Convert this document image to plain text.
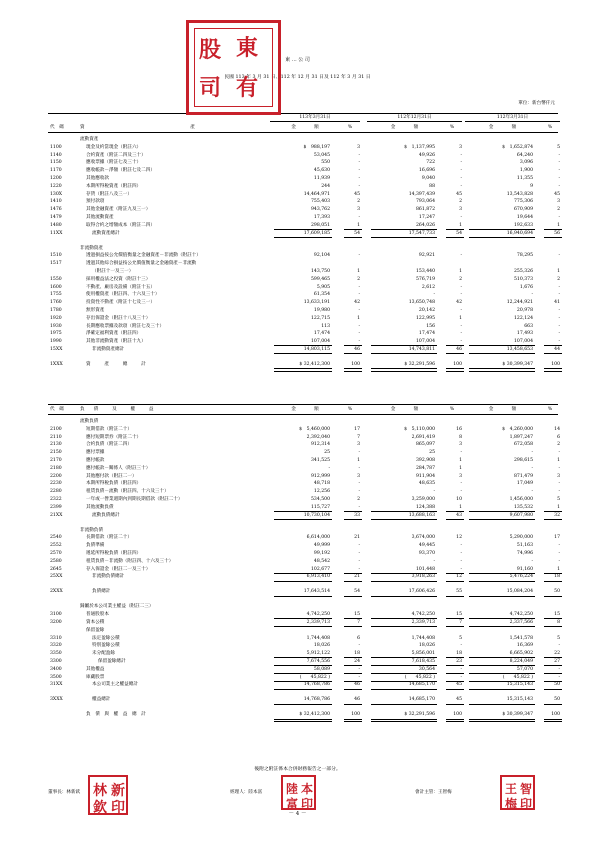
東 … 公 司
民國 113 年 3 月 31 日、112 年 12 月 31 日及 112 年 3 月 31 日
單位：新台幣仟元
113年3月31日	112年12月31日	112年3月31日
代　碼	資　　　　　　　　　　　　　　　　　　　　　　　產	金　　　　額	%	金　　　　額	%	金　　　　額	%
代　碼	負　　債　　　及　　　權　　　益	金　　　　額	%	金　　　　額	%	金　　　　額	%
後附之附註係本合併財務報告之一部分。
董事長：林新欽	經理人：陸本富	會計主管：王智梅
－ 4 －
股 東
司 有
林 新
欽 印
陸 本
富 印
王 智
梅 印
流動資產
1100	現金及約當現金（附註六）	$　988,197	3	$　1,137,995	3	$　1,652,874	5
1140	合約資產（附註二四及三十）	53,045	-	49,926	-	64,240	-
1150	應收票據（附註七及三十）	550	-	722	-	3,096	-
1170	應收帳款－淨額（附註七及二四）	45,630	-	16,696	-	1,900	-
1200	其他應收款	11,939	-	9,040	-	11,355	-
1220	本期所得稅資產（附註四）	244	-	88	-	9	-
130X	存貨（附註八及三一）	14,464,971	45	14,397,439	45	13,543,828	45
1410	預付款項	755,403	2	793,064	2	775,306	3
1476	其他金融資產（附註九及三一）	943,762	3	861,872	3	670,909	2
1479	其他流動資產	17,393	-	17,247	-	19,644	-
1480	取得合約之增額成本（附註二四）	298,051	1	264,026	1	192,633	1
11XX	流動資產總計	17,609,185	54	17,547,733	54	16,940,694	56
非流動資產
1510	透過損益按公允價值衡量之金融資產－非流動（附註十）	92,104	-	92,921	-	78,295	-
1517	透過其他綜合損益按公允價值衡量之金融資產－非流動
（附註十一及三一）	143,750	1	153,440	1	255,326	1
1550	採用權益法之投資（附註十三）	599,465	2	576,719	2	510,373	2
1600	不動產、廠房及設備（附註十五）	5,905	-	2,612	-	1,676	-
1755	使用權資產（附註四、十六及三十）	61,354	-	-	-	-	-
1760	投資性不動產（附註十七及三一）	13,633,191	42	13,650,748	42	12,244,921	41
1780	無形資產	19,980	-	20,142	-	20,978	-
1920	存出保證金（附註十八及三十）	122,715	1	122,995	1	122,124	-
1930	長期應收票據及款項（附註七及三十）	113	-	156	-	663	-
1975	淨確定福利資產（附註四）	17,474	-	17,474	-	17,493	-
1990	其他非流動資產（附註十九）	107,004	-	107,004	-	107,004	-
15XX	非流動資產總計	14,803,115	46	14,743,811	46	13,458,653	44
1XXX	資　　　產　　　總　　　計	$ 32,412,300	100	$ 32,291,596	100	$ 30,399,347	100
流動負債
2100	短期借款（附註二十）	$　5,460,000	17	$　5,110,000	16	$　4,260,000	14
2110	應付短期票券（附註二十）	2,392,040	7	2,691,419	8	1,897,247	6
2130	合約負債（附註二四）	912,314	3	865,097	3	672,058	2
2150	應付票據	25	-	25	-	-	-
2170	應付帳款	341,525	1	392,908	1	298,615	1
2180	應付帳款－關係人（附註三十）	-	-	284,787	1	-	-
2200	其他應付款（附註二一）	912,999	3	911,904	3	871,479	3
2230	本期所得稅負債（附註四）	48,718	-	48,635	-	17,049	-
2280	租賃負債－流動（附註四、十六及三十）	12,256	-	-	-	-	-
2322	一年或一營業週期內到期長期借款（附註二十）	534,500	2	3,259,000	10	1,456,000	5
2399	其他流動負債	115,727	-	124,388	1	135,532	1
21XX	流動負債總計	10,730,104	33	13,688,163	43	9,607,980	32
非流動負債
2540	長期借款（附註二十）	6,614,000	21	3,674,000	12	5,290,000	17
2552	負債準備	49,999	-	49,445	-	51,163	-
2570	遞延所得稅負債（附註四）	99,192	-	93,370	-	74,996	-
2580	租賃負債－非流動（附註四、十六及三十）	48,542	-	-	-	-	-
2645	存入保證金（附註二一及三十）	102,677	-	101,448	-	91,160	1
25XX	非流動負債總計	6,913,410	21	3,918,263	12	5,476,224	18
2XXX	負債總計	17,643,514	54	17,606,426	55	15,084,204	50
歸屬於本公司業主權益（附註二三）
3100	普通股股本	4,742,250	15	4,742,250	15	4,742,250	15
3200	資本公積	2,339,713	7	2,339,713	7	2,337,566	8
保留盈餘
3310	法定盈餘公積	1,744,408	6	1,744,408	5	1,541,578	5
3320	特別盈餘公積	18,026	-	18,026	-	16,369	-
3350	未分配盈餘	5,912,122	18	5,856,001	18	6,665,902	22
3300	保留盈餘總計	7,674,556	24	7,618,435	23	8,224,049	27
3400	其他權益	58,089	-	30,564	-	57,070	-
3500	庫藏股票	(　　45,822 )	-	(　　45,822 )	-	(　　45,822 )	-
31XX	本公司業主之權益總計	14,768,786	46	14,685,170	45	15,315,143	50
3XXX	權益總計	14,768,786	46	14,685,170	45	15,315,143	50
負　債　與　權　益　總　計	$ 32,412,300	100	$ 32,291,596	100	$ 30,399,347	100
